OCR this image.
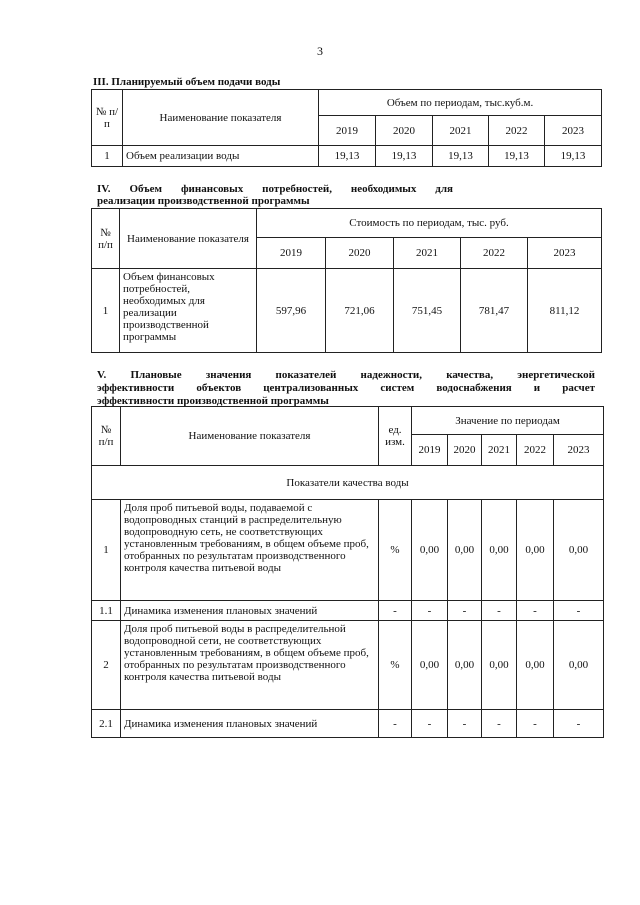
3
III. Планируемый объем подачи воды
№ п/п	Наименование показателя	Объем по периодам, тыс.куб.м.				
		2019	2020	2021	2022	2023
1	Объем реализации воды	19,13	19,13	19,13	19,13	19,13
IV. Объем финансовых потребностей, необходимых для
реализации производственной программы
№ п/п	Наименование показателя	Стоимость по периодам, тыс. руб.				
		2019	2020	2021	2022	2023
1	Объем финансовых потребностей, необходимых для реализации производственной программы	597,96	721,06	751,45	781,47	811,12
V. Плановые значения показателей надежности, качества, энергетической
эффективности объектов централизованных систем водоснабжения и расчет
эффективности производственной программы
№ п/п	Наименование показателя	ед. изм.	Значение по периодам				
			2019	2020	2021	2022	2023
Показатели качества воды							
1	Доля проб питьевой воды, подаваемой с водопроводных станций в распределительную водопроводную сеть, не соответствующих установленным требованиям, в общем объеме проб, отобранных по результатам производственного контроля качества питьевой воды	%	0,00	0,00	0,00	0,00	0,00
1.1	Динамика изменения плановых значений	-	-	-	-	-	-
2	Доля проб питьевой воды в распределительной водопроводной сети, не соответствующих установленным требованиям, в общем объеме проб, отобранных по результатам производственного контроля качества питьевой воды	%	0,00	0,00	0,00	0,00	0,00
2.1	Динамика изменения плановых значений	-	-	-	-	-	-
